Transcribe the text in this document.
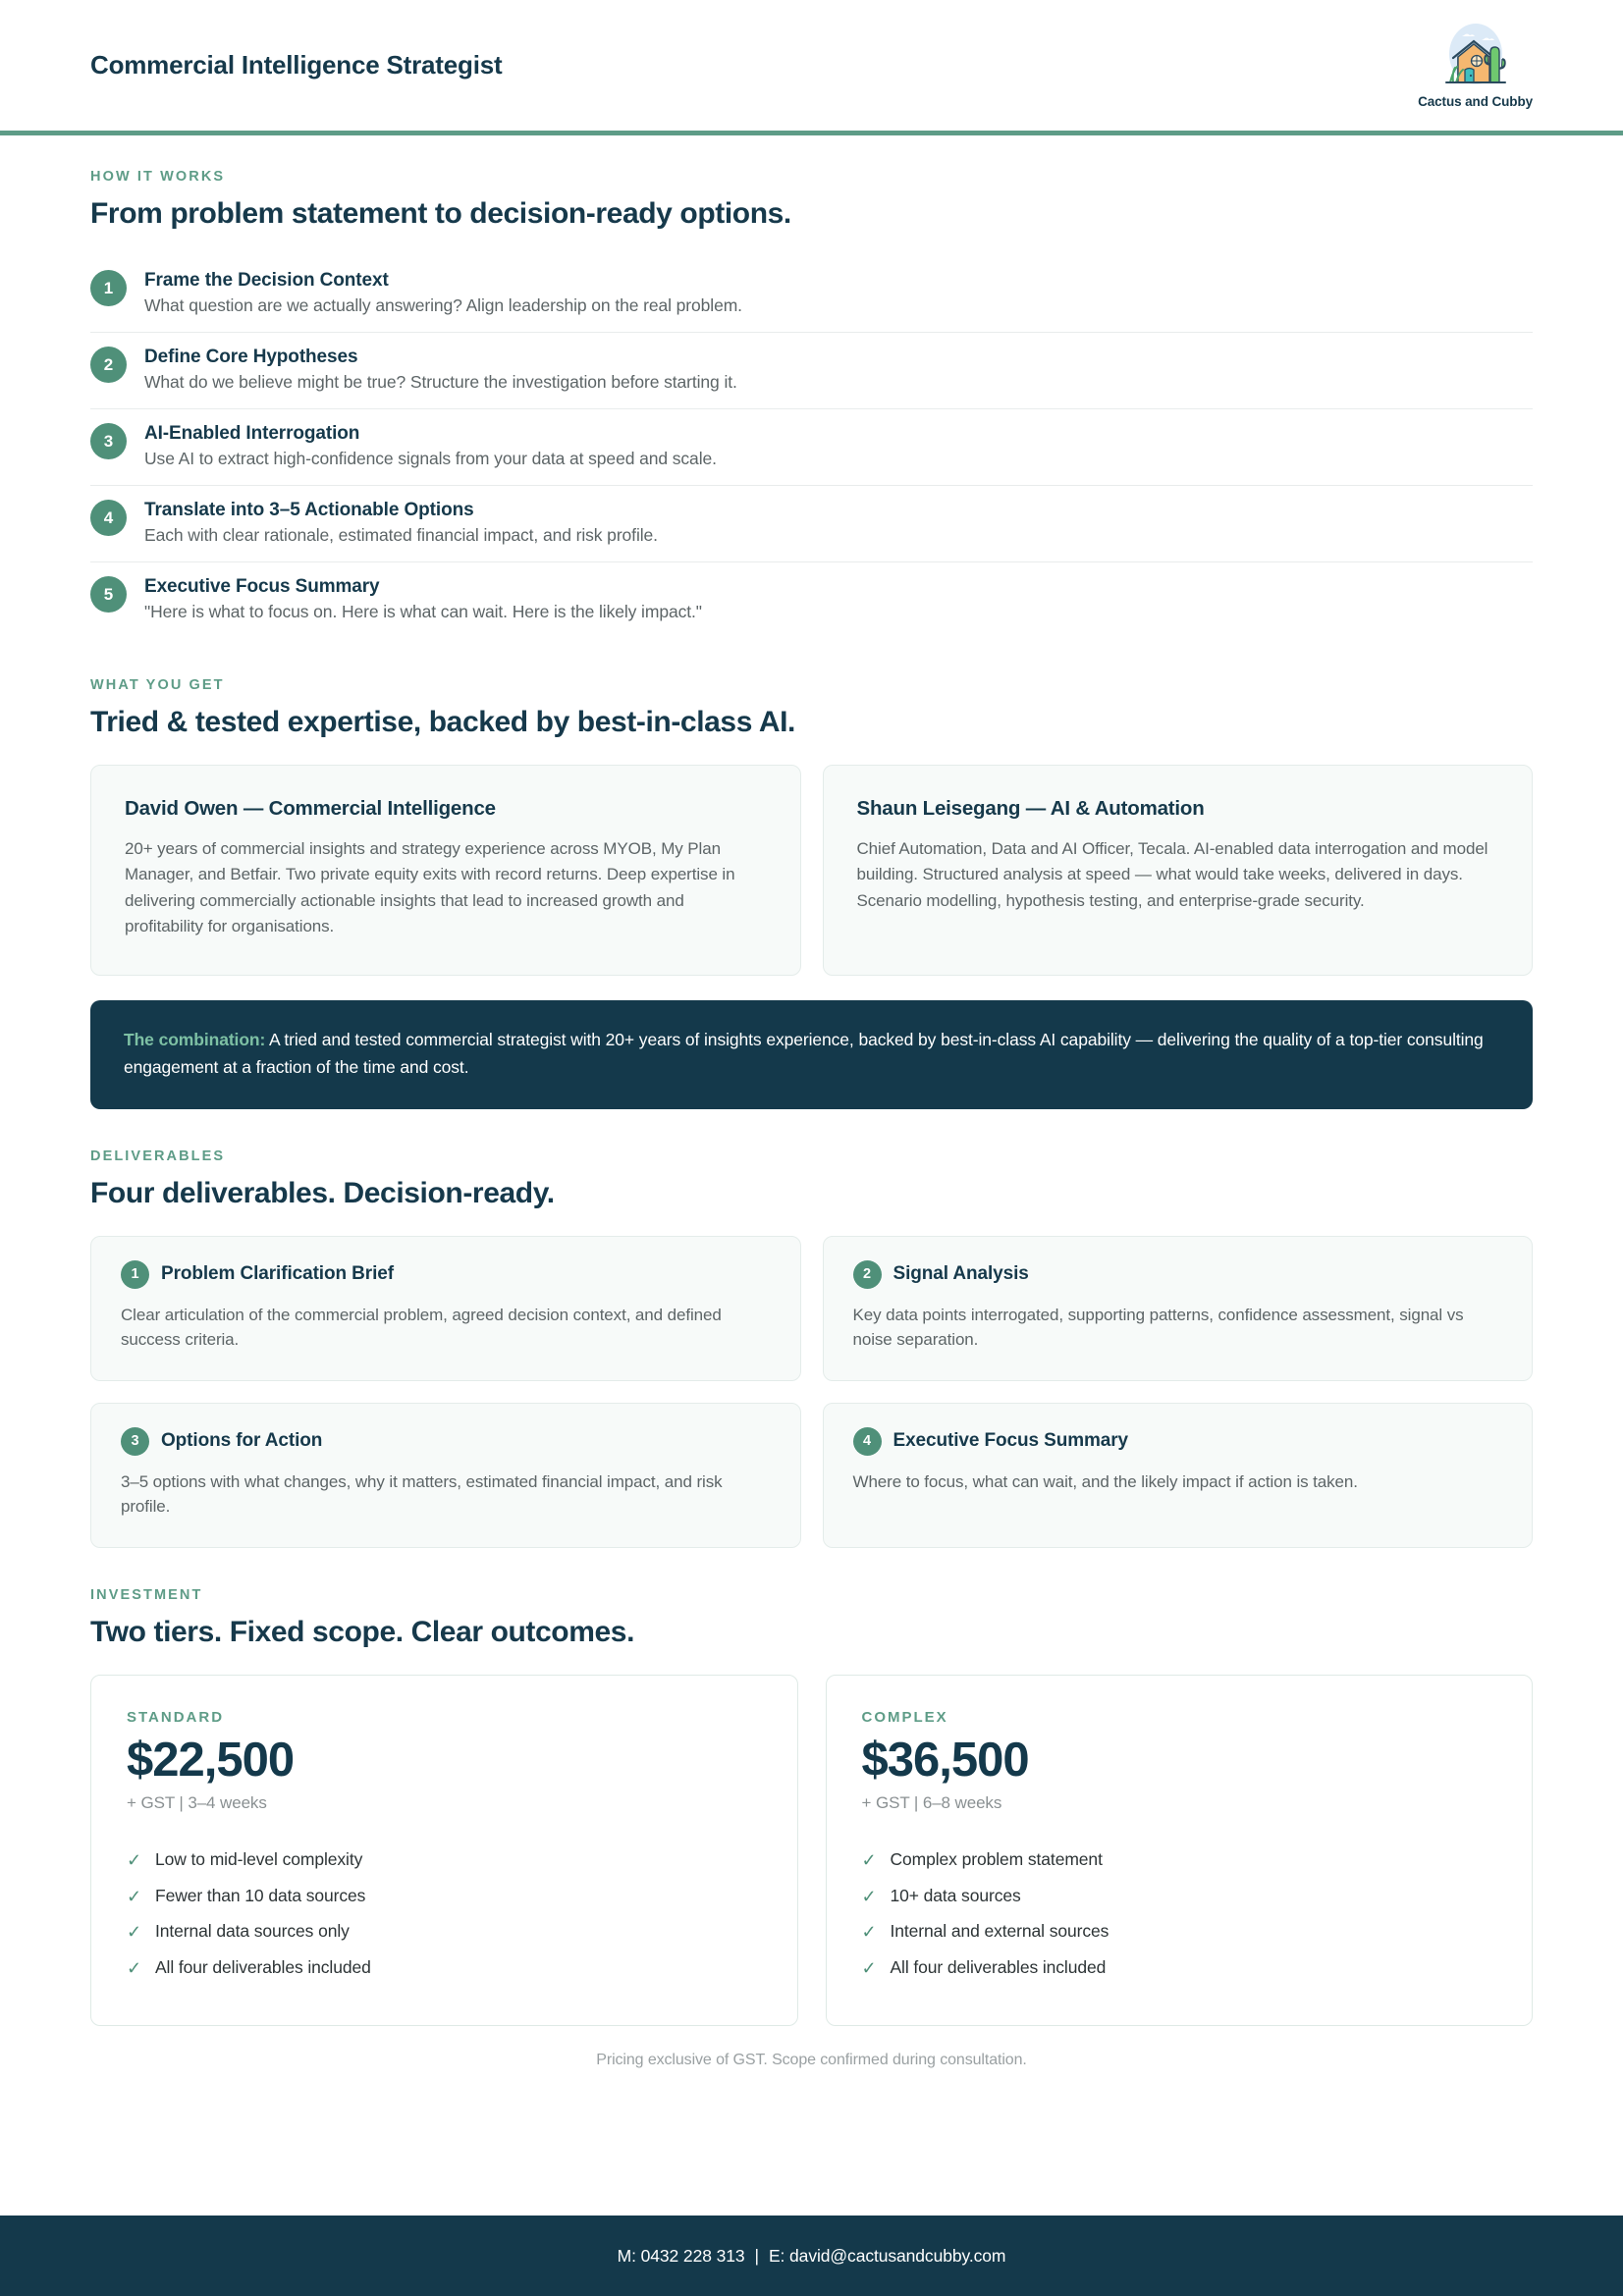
Commercial Intelligence Strategist
Cactus and Cubby
HOW IT WORKS
From problem statement to decision-ready options.
1	Frame the Decision Context
What question are we actually answering? Align leadership on the real problem.
2	Define Core Hypotheses
What do we believe might be true? Structure the investigation before starting it.
3	AI-Enabled Interrogation
Use AI to extract high-confidence signals from your data at speed and scale.
4	Translate into 3–5 Actionable Options
Each with clear rationale, estimated financial impact, and risk profile.
5	Executive Focus Summary
"Here is what to focus on. Here is what can wait. Here is the likely impact."
WHAT YOU GET
Tried & tested expertise, backed by best-in-class AI.
David Owen — Commercial Intelligence
20+ years of commercial insights and strategy experience across MYOB, My Plan Manager, and Betfair. Two private equity exits with record returns. Deep expertise in delivering commercially actionable insights that lead to increased growth and profitability for organisations.
Shaun Leisegang — AI & Automation
Chief Automation, Data and AI Officer, Tecala. AI-enabled data interrogation and model building. Structured analysis at speed — what would take weeks, delivered in days. Scenario modelling, hypothesis testing, and enterprise-grade security.
The combination: A tried and tested commercial strategist with 20+ years of insights experience, backed by best-in-class AI capability — delivering the quality of a top-tier consulting engagement at a fraction of the time and cost.
DELIVERABLES
Four deliverables. Decision-ready.
1	Problem Clarification Brief
Clear articulation of the commercial problem, agreed decision context, and defined success criteria.
2	Signal Analysis
Key data points interrogated, supporting patterns, confidence assessment, signal vs noise separation.
3	Options for Action
3–5 options with what changes, why it matters, estimated financial impact, and risk profile.
4	Executive Focus Summary
Where to focus, what can wait, and the likely impact if action is taken.
INVESTMENT
Two tiers. Fixed scope. Clear outcomes.
STANDARD
$22,500
+ GST | 3–4 weeks
✓ Low to mid-level complexity
✓ Fewer than 10 data sources
✓ Internal data sources only
✓ All four deliverables included
COMPLEX
$36,500
+ GST | 6–8 weeks
✓ Complex problem statement
✓ 10+ data sources
✓ Internal and external sources
✓ All four deliverables included
Pricing exclusive of GST. Scope confirmed during consultation.
M: 0432 228 313 | E: david@cactusandcubby.com
